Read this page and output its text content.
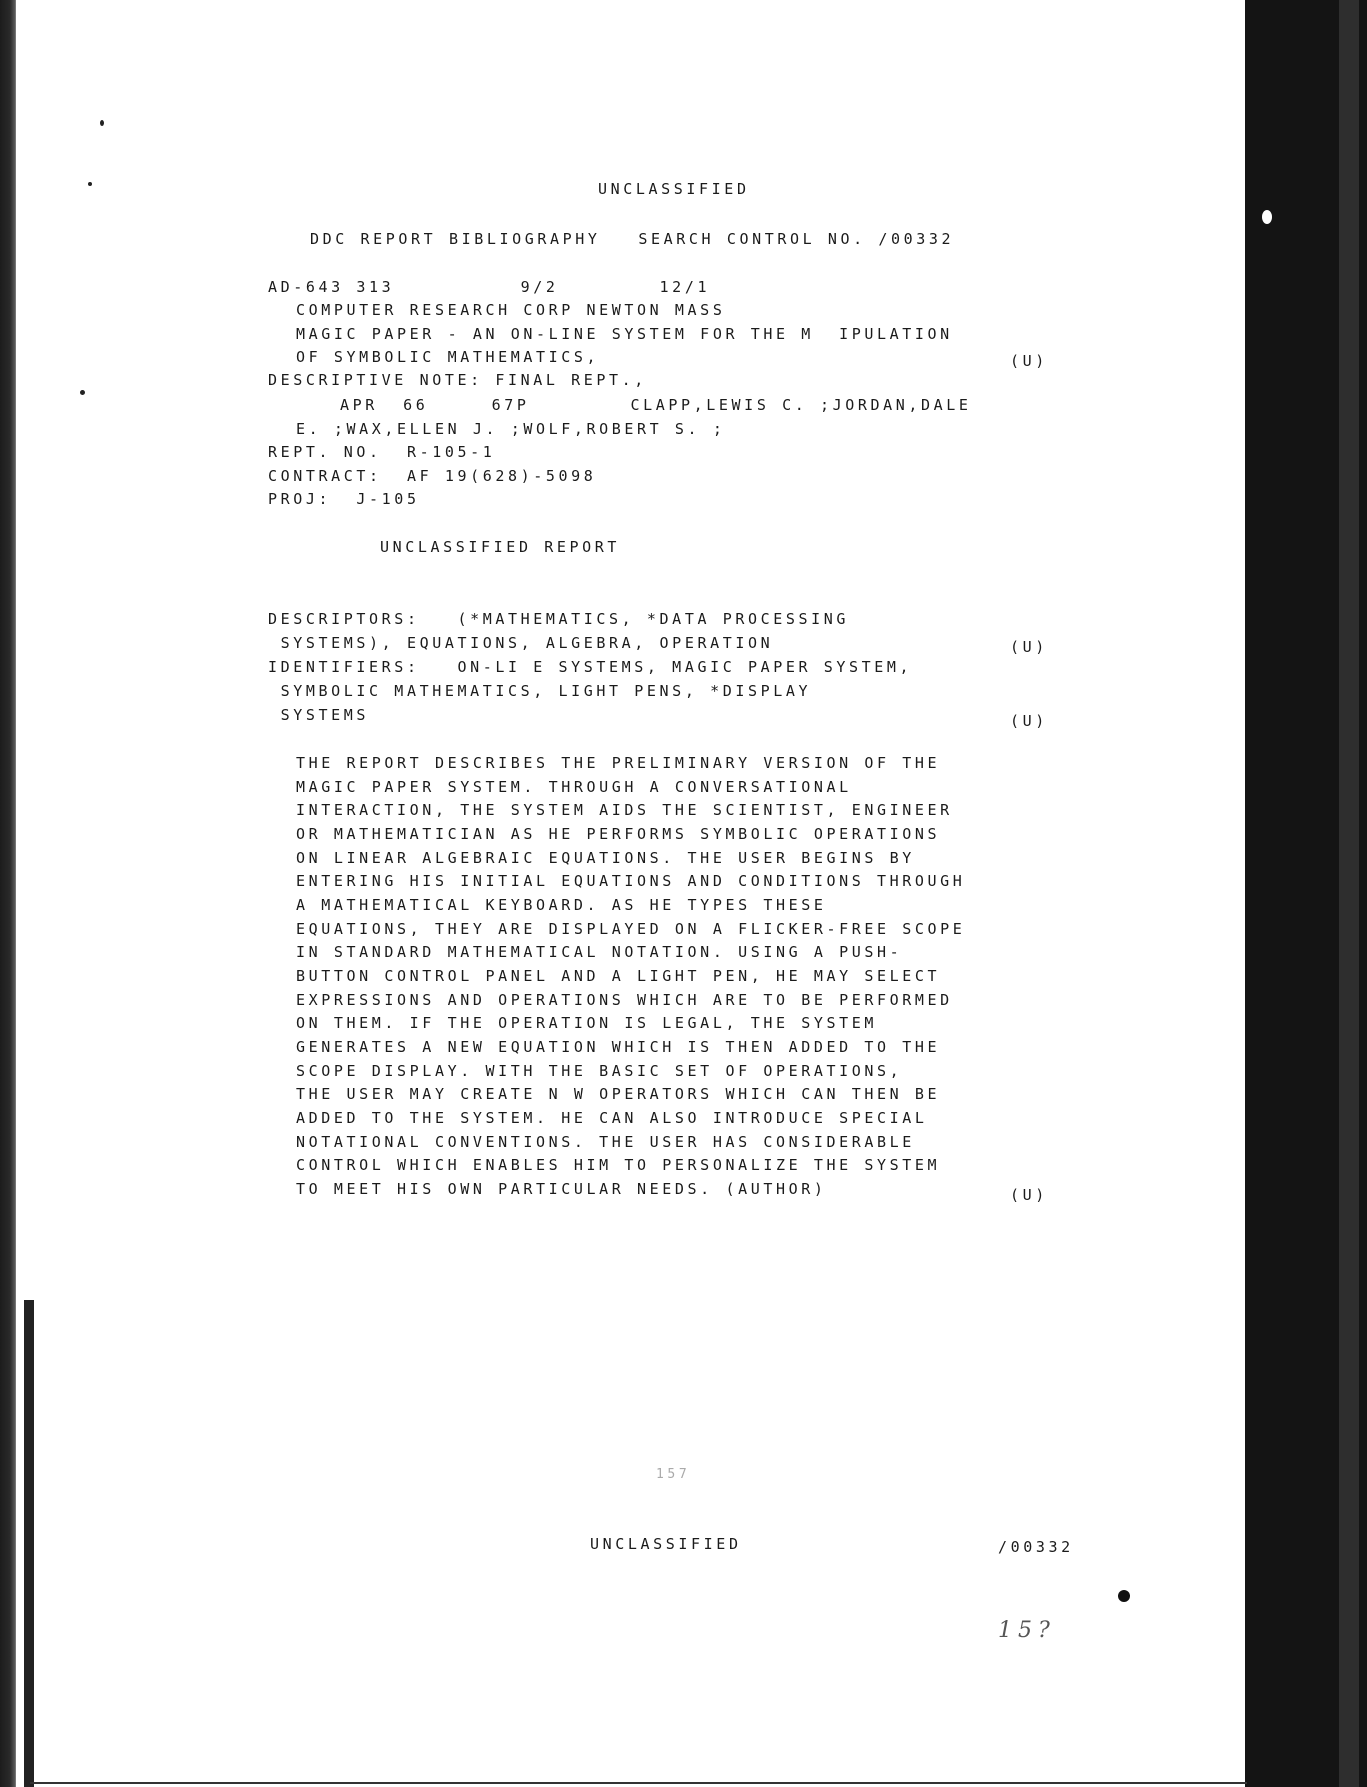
UNCLASSIFIED
DDC REPORT BIBLIOGRAPHY   SEARCH CONTROL NO. /00332
AD-643 313          9/2        12/1
COMPUTER RESEARCH CORP NEWTON MASS
MAGIC PAPER - AN ON-LINE SYSTEM FOR THE M  IPULATION
OF SYMBOLIC MATHEMATICS,	(U)
DESCRIPTIVE NOTE: FINAL REPT.,
APR  66     67P        CLAPP,LEWIS C. ;JORDAN,DALE
E. ;WAX,ELLEN J. ;WOLF,ROBERT S. ;
REPT. NO.  R-105-1
CONTRACT:  AF 19(628)-5098
PROJ:  J-105
UNCLASSIFIED REPORT
DESCRIPTORS:   (*MATHEMATICS, *DATA PROCESSING
SYSTEMS), EQUATIONS, ALGEBRA, OPERATION	(U)
IDENTIFIERS:   ON-LI E SYSTEMS, MAGIC PAPER SYSTEM,
SYMBOLIC MATHEMATICS, LIGHT PENS, *DISPLAY
SYSTEMS	(U)
THE REPORT DESCRIBES THE PRELIMINARY VERSION OF THE
MAGIC PAPER SYSTEM. THROUGH A CONVERSATIONAL
INTERACTION, THE SYSTEM AIDS THE SCIENTIST, ENGINEER
OR MATHEMATICIAN AS HE PERFORMS SYMBOLIC OPERATIONS
ON LINEAR ALGEBRAIC EQUATIONS. THE USER BEGINS BY
ENTERING HIS INITIAL EQUATIONS AND CONDITIONS THROUGH
A MATHEMATICAL KEYBOARD. AS HE TYPES THESE
EQUATIONS, THEY ARE DISPLAYED ON A FLICKER-FREE SCOPE
IN STANDARD MATHEMATICAL NOTATION. USING A PUSH-
BUTTON CONTROL PANEL AND A LIGHT PEN, HE MAY SELECT
EXPRESSIONS AND OPERATIONS WHICH ARE TO BE PERFORMED
ON THEM. IF THE OPERATION IS LEGAL, THE SYSTEM
GENERATES A NEW EQUATION WHICH IS THEN ADDED TO THE
SCOPE DISPLAY. WITH THE BASIC SET OF OPERATIONS,
THE USER MAY CREATE N W OPERATORS WHICH CAN THEN BE
ADDED TO THE SYSTEM. HE CAN ALSO INTRODUCE SPECIAL
NOTATIONAL CONVENTIONS. THE USER HAS CONSIDERABLE
CONTROL WHICH ENABLES HIM TO PERSONALIZE THE SYSTEM
TO MEET HIS OWN PARTICULAR NEEDS. (AUTHOR)	(U)
157
UNCLASSIFIED	/00332
15?
